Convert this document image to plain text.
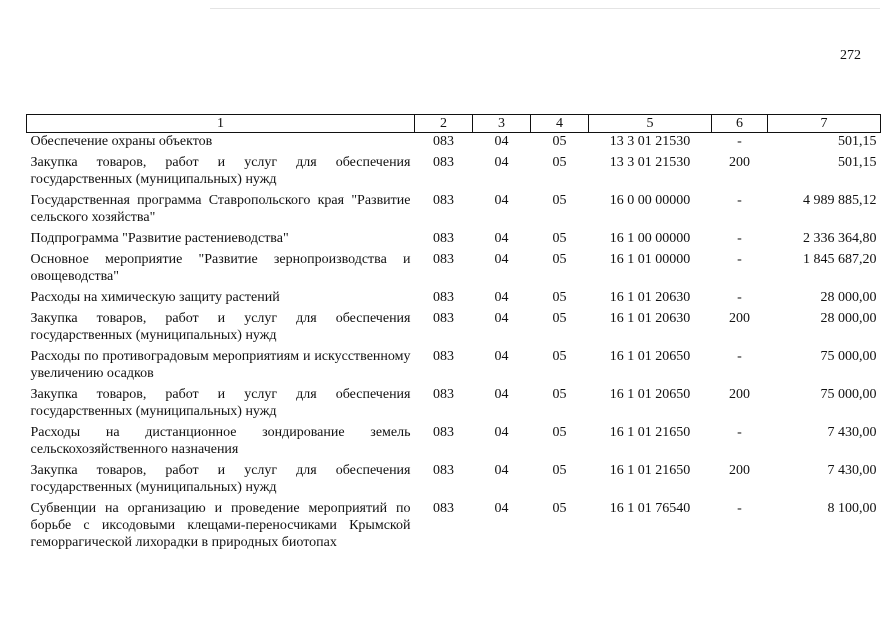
272
1	2	3	4	5	6	7
Обеспечение охраны объектов	083	04	05	13 3 01 21530	-	501,15
Закупка товаров, работ и услуг для обеспечения государственных (муниципальных) нужд	083	04	05	13 3 01 21530	200	501,15
Государственная программа Ставропольского края "Развитие сельского хозяйства"	083	04	05	16 0 00 00000	-	4 989 885,12
Подпрограмма "Развитие растениеводства"	083	04	05	16 1 00 00000	-	2 336 364,80
Основное мероприятие "Развитие зернопроизводства и овощеводства"	083	04	05	16 1 01 00000	-	1 845 687,20
Расходы на химическую защиту растений	083	04	05	16 1 01 20630	-	28 000,00
Закупка товаров, работ и услуг для обеспечения государственных (муниципальных) нужд	083	04	05	16 1 01 20630	200	28 000,00
Расходы по противоградовым мероприятиям и искусственному увеличению осадков	083	04	05	16 1 01 20650	-	75 000,00
Закупка товаров, работ и услуг для обеспечения государственных (муниципальных) нужд	083	04	05	16 1 01 20650	200	75 000,00
Расходы на дистанционное зондирование земель сельскохозяйственного назначения	083	04	05	16 1 01 21650	-	7 430,00
Закупка товаров, работ и услуг для обеспечения государственных (муниципальных) нужд	083	04	05	16 1 01 21650	200	7 430,00
Субвенции на организацию и проведение мероприятий по борьбе с иксодовыми клещами-переносчиками Крымской геморрагической лихорадки в природных биотопах	083	04	05	16 1 01 76540	-	8 100,00
